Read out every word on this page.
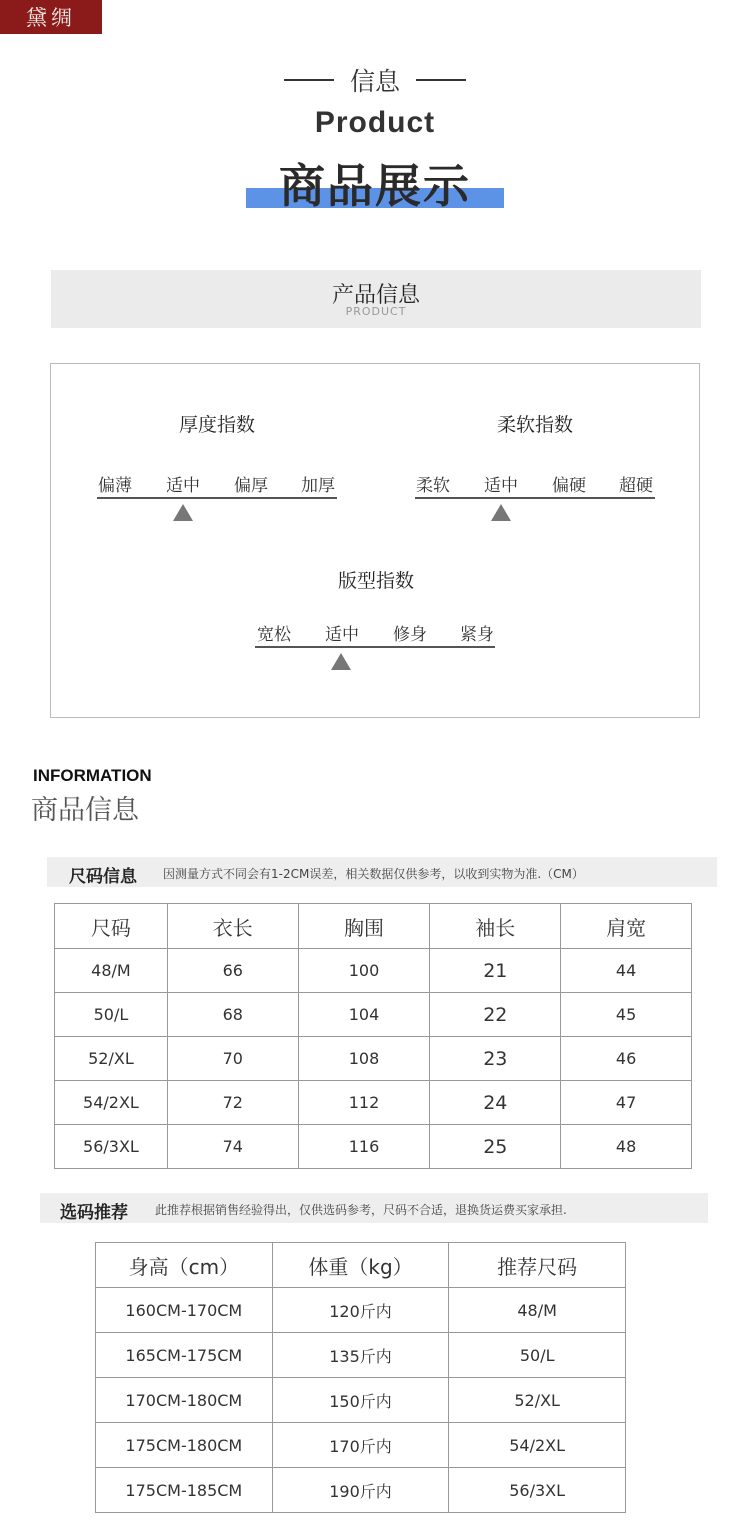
黛绸
信息
Product
商品展示
产品信息
PRODUCT
厚度指数
偏薄	适中	偏厚	加厚
柔软指数
柔软	适中	偏硬	超硬
版型指数
宽松	适中	修身	紧身
INFORMATION
商品信息
尺码信息 因测量方式不同会有1-2CM误差，相关数据仅供参考，以收到实物为准.（CM）
尺码	衣长	胸围	袖长	肩宽
48/M	66	100	21	44
50/L	68	104	22	45
52/XL	70	108	23	46
54/2XL	72	112	24	47
56/3XL	74	116	25	48
选码推荐 此推荐根据销售经验得出，仅供选码参考，尺码不合适，退换货运费买家承担.
身高（cm）	体重（kg）	推荐尺码
160CM-170CM	120斤内	48/M
165CM-175CM	135斤内	50/L
170CM-180CM	150斤内	52/XL
175CM-180CM	170斤内	54/2XL
175CM-185CM	190斤内	56/3XL
